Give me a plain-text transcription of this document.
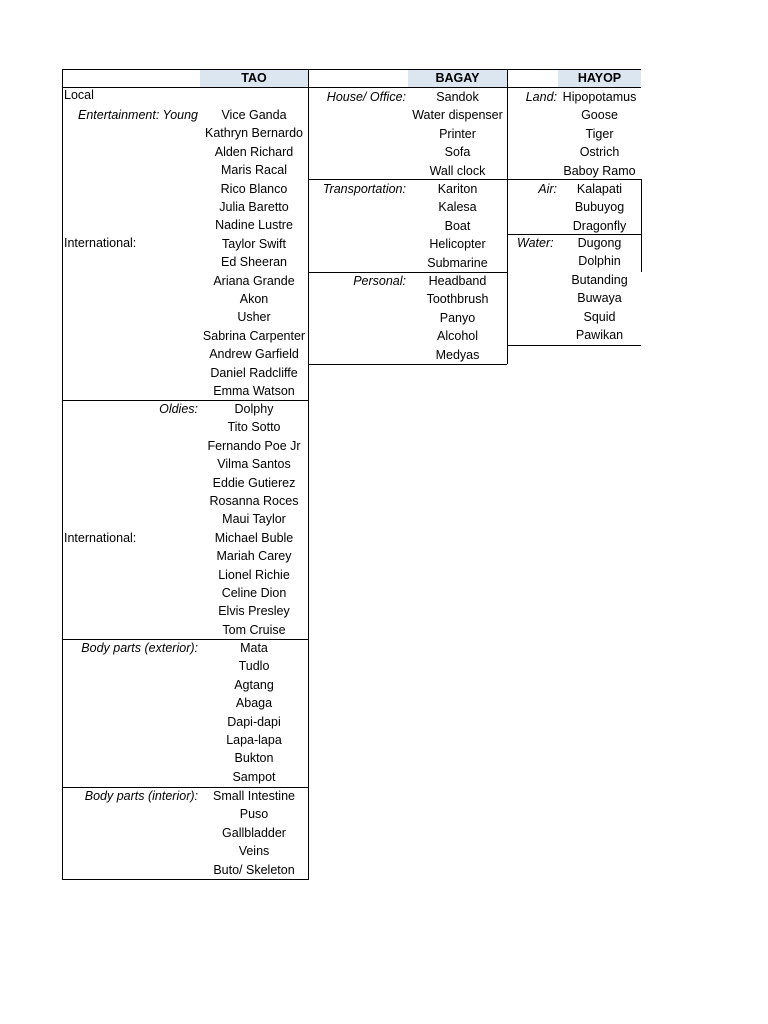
TAO	BAGAY	HAYOP
Local
Entertainment: Young
International:
Oldies:
International:
Body parts (exterior):
Body parts (interior):
Vice Ganda
Kathryn Bernardo
Alden Richard
Maris Racal
Rico Blanco
Julia Baretto
Nadine Lustre
Taylor Swift
Ed Sheeran
Ariana Grande
Akon
Usher
Sabrina Carpenter
Andrew Garfield
Daniel Radcliffe
Emma Watson
Dolphy
Tito Sotto
Fernando Poe Jr
Vilma Santos
Eddie Gutierez
Rosanna Roces
Maui Taylor
Michael Buble
Mariah Carey
Lionel Richie
Celine Dion
Elvis Presley
Tom Cruise
Mata
Tudlo
Agtang
Abaga
Dapi-dapi
Lapa-lapa
Bukton
Sampot
Small Intestine
Puso
Gallbladder
Veins
Buto/ Skeleton
House/ Office:
Transportation:
Personal:
Sandok
Water dispenser
Printer
Sofa
Wall clock
Kariton
Kalesa
Boat
Helicopter
Submarine
Headband
Toothbrush
Panyo
Alcohol
Medyas
Land:
Air:
Water:
Hipopotamus
Goose
Tiger
Ostrich
Baboy Ramo
Kalapati
Bubuyog
Dragonfly
Dugong
Dolphin
Butanding
Buwaya
Squid
Pawikan
